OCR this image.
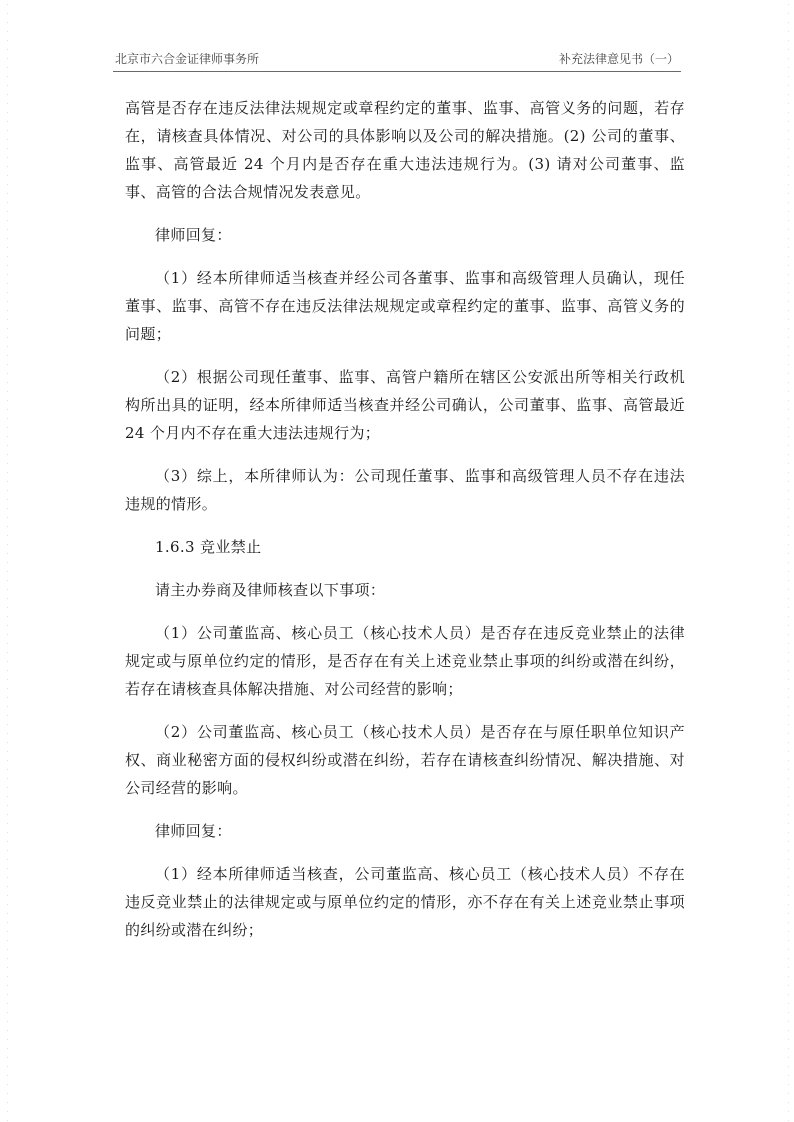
北京市六合金证律师事务所	补充法律意见书（一）

高管是否存在违反法律法规规定或章程约定的董事、监事、高管义务的问题，若存在，请核查具体情况、对公司的具体影响以及公司的解决措施。(2) 公司的董事、监事、高管最近 24 个月内是否存在重大违法违规行为。(3) 请对公司董事、监事、高管的合法合规情况发表意见。

律师回复：

（1）经本所律师适当核查并经公司各董事、监事和高级管理人员确认，现任董事、监事、高管不存在违反法律法规规定或章程约定的董事、监事、高管义务的问题；

（2）根据公司现任董事、监事、高管户籍所在辖区公安派出所等相关行政机构所出具的证明，经本所律师适当核查并经公司确认，公司董事、监事、高管最近 24 个月内不存在重大违法违规行为；

（3）综上，本所律师认为：公司现任董事、监事和高级管理人员不存在违法违规的情形。

1.6.3 竞业禁止

请主办券商及律师核查以下事项：

（1）公司董监高、核心员工（核心技术人员）是否存在违反竞业禁止的法律规定或与原单位约定的情形，是否存在有关上述竞业禁止事项的纠纷或潜在纠纷，若存在请核查具体解决措施、对公司经营的影响；

（2）公司董监高、核心员工（核心技术人员）是否存在与原任职单位知识产权、商业秘密方面的侵权纠纷或潜在纠纷，若存在请核查纠纷情况、解决措施、对公司经营的影响。

律师回复：

（1）经本所律师适当核查，公司董监高、核心员工（核心技术人员）不存在违反竞业禁止的法律规定或与原单位约定的情形，亦不存在有关上述竞业禁止事项的纠纷或潜在纠纷；
